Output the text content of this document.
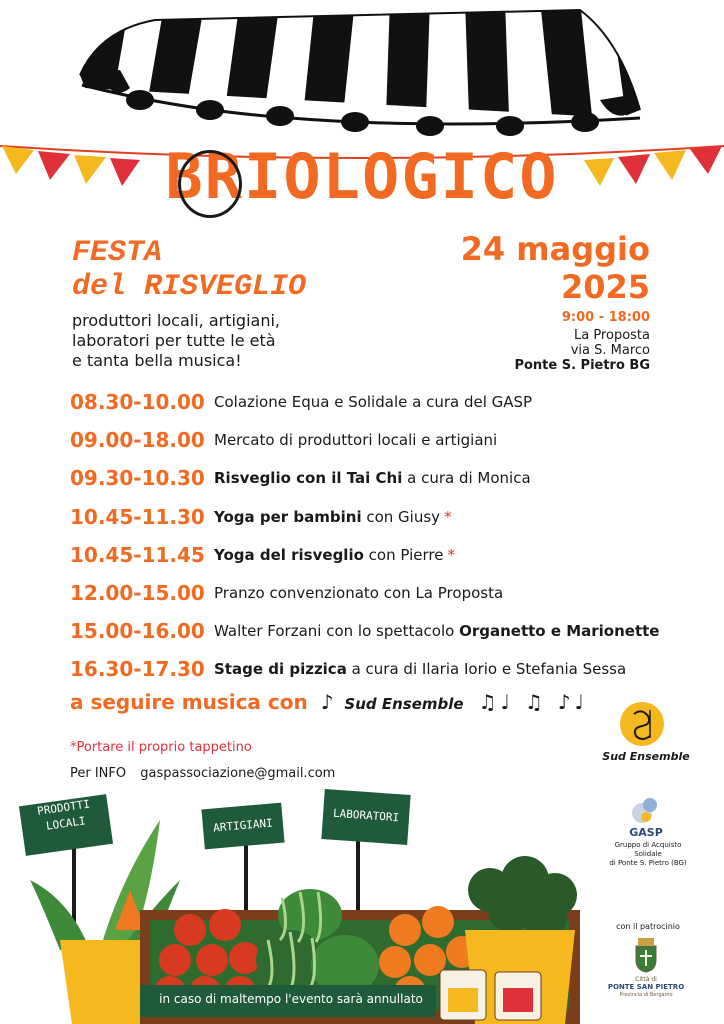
BRIOLOGICO
FESTA
del RISVEGLIO
produttori locali, artigiani,
laboratori per tutte le età
e tanta bella musica!
24 maggio
2025
9:00 - 18:00
La Proposta
via S. Marco
Ponte S. Pietro BG
08.30-10.00 Colazione Equa e Solidale a cura del GASP
09.00-18.00 Mercato di produttori locali e artigiani
09.30-10.30 Risveglio con il Tai Chi a cura di Monica
10.45-11.30 Yoga per bambini con Giusy *
10.45-11.45 Yoga del risveglio con Pierre *
12.00-15.00 Pranzo convenzionato con La Proposta
15.00-16.00 Walter Forzani con lo spettacolo Organetto e Marionette
16.30-17.30 Stage di pizzica a cura di Ilaria Iorio e Stefania Sessa
a seguire musica con ♪ Sud Ensemble ♫♩ ♫ ♪♩
*Portare il proprio tappetino
Per INFO gaspassociazione@gmail.com
Sud Ensemble
GASP
Gruppo di Acquisto
Solidale
di Ponte S. Pietro (BG)
con il patrocinio
Città di
PONTE SAN PIETRO
Provincia di Bergamo
PRODOTTI
LOCALI	ARTIGIANI
LABORATORI
in caso di maltempo l'evento sarà annullato
